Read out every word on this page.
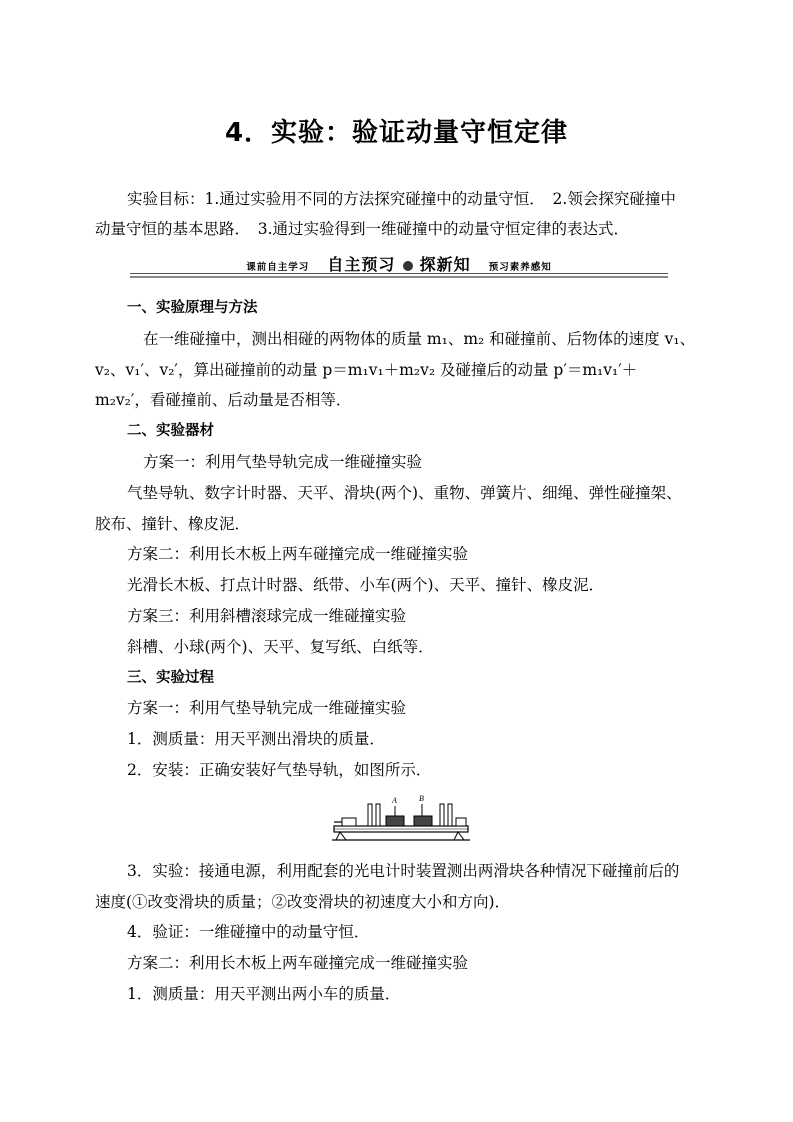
4．实验：验证动量守恒定律
实验目标：1.通过实验用不同的方法探究碰撞中的动量守恒．　2.领会探究碰撞中
动量守恒的基本思路．　3.通过实验得到一维碰撞中的动量守恒定律的表达式．
课前自主学习 自主预习 探新知 预习素养感知

一、实验原理与方法

在一维碰撞中，测出相碰的两物体的质量 m₁、m₂ 和碰撞前、后物体的速度 v₁、

v₂、v₁′、v₂′，算出碰撞前的动量 p＝m₁v₁＋m₂v₂ 及碰撞后的动量 p′＝m₁v₁′＋

m₂v₂′，看碰撞前、后动量是否相等．

二、实验器材

方案一：利用气垫导轨完成一维碰撞实验

气垫导轨、数字计时器、天平、滑块(两个)、重物、弹簧片、细绳、弹性碰撞架、

胶布、撞针、橡皮泥．

方案二：利用长木板上两车碰撞完成一维碰撞实验

光滑长木板、打点计时器、纸带、小车(两个)、天平、撞针、橡皮泥．

方案三：利用斜槽滚球完成一维碰撞实验

斜槽、小球(两个)、天平、复写纸、白纸等．

三、实验过程

方案一：利用气垫导轨完成一维碰撞实验

1．测质量：用天平测出滑块的质量．

2．安装：正确安装好气垫导轨，如图所示．

A	B

3．实验：接通电源，利用配套的光电计时装置测出两滑块各种情况下碰撞前后的

速度(①改变滑块的质量；②改变滑块的初速度大小和方向)．

4．验证：一维碰撞中的动量守恒．

方案二：利用长木板上两车碰撞完成一维碰撞实验

1．测质量：用天平测出两小车的质量．
